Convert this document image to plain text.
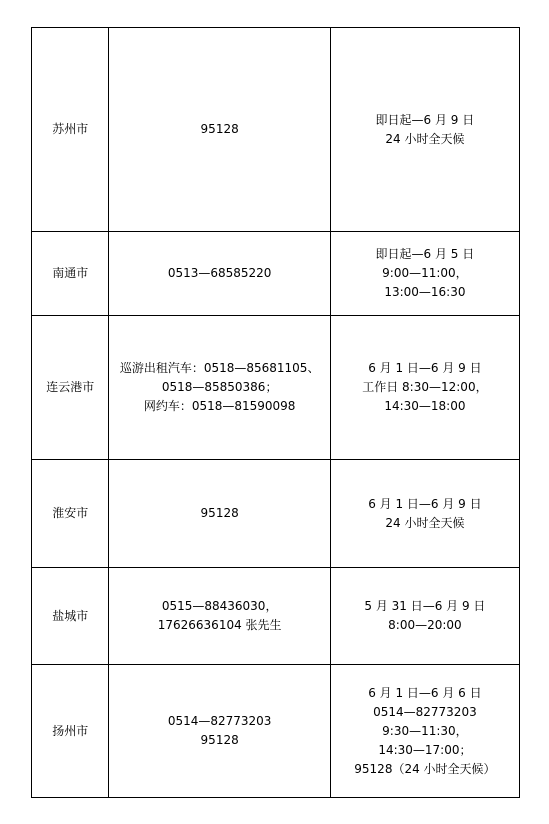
苏州市	95128	即日起—6 月 9 日
24 小时全天候

南通市	0513—68585220	即日起—6 月 5 日
9:00—11:00，
13:00—16:30

连云港市	巡游出租汽车：0518—85681105、
0518—85850386；
网约车：0518—81590098	6 月 1 日—6 月 9 日
工作日 8:30—12:00，
14:30—18:00

淮安市	95128	6 月 1 日—6 月 9 日
24 小时全天候

盐城市	0515—88436030，
17626636104 张先生	5 月 31 日—6 月 9 日
8:00—20:00

扬州市	0514—82773203
95128	6 月 1 日—6 月 6 日
0514—82773203
9:30—11:30，
14:30—17:00；
95128（24 小时全天候）
